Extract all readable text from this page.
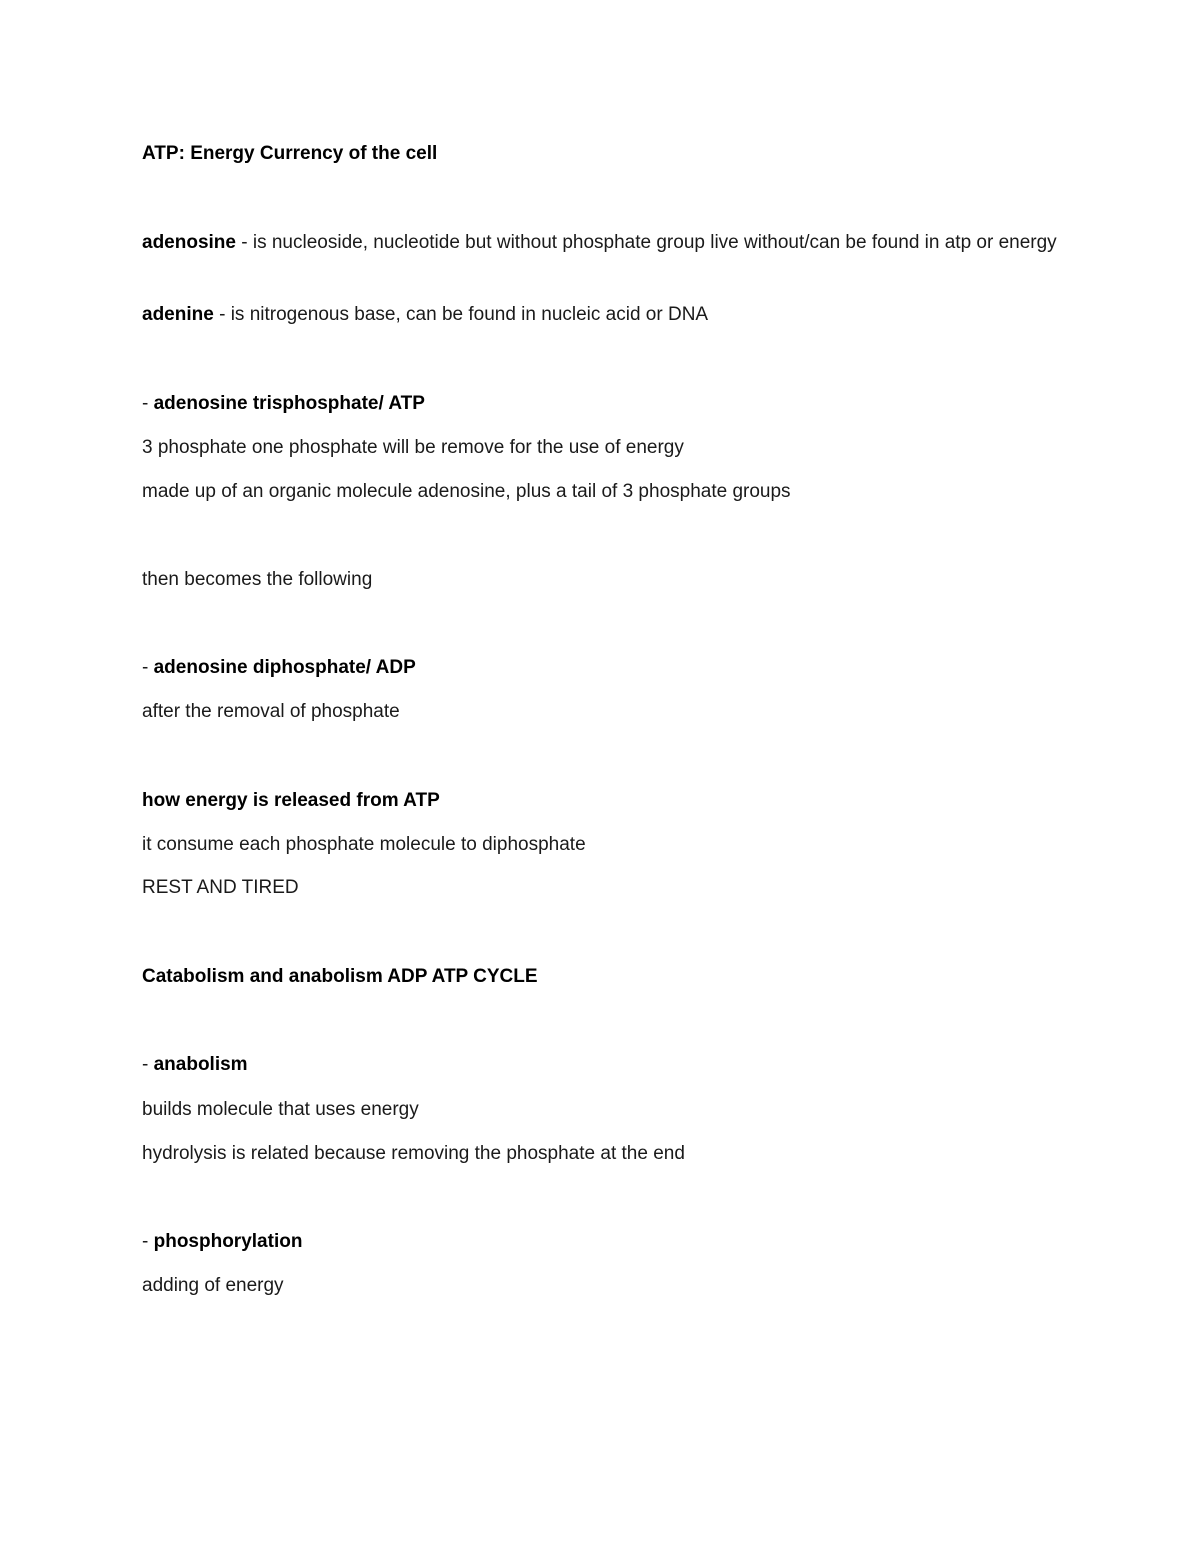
ATP: Energy Currency of the cell
adenosine - is nucleoside, nucleotide but without phosphate group live without/can be found in atp or energy
adenine - is nitrogenous base, can be found in nucleic acid or DNA
- adenosine trisphosphate/ ATP
3 phosphate one phosphate will be remove for the use of energy
made up of an organic molecule adenosine, plus a tail of 3 phosphate groups
then becomes the following
- adenosine diphosphate/ ADP
after the removal of phosphate
how energy is released from ATP
it consume each phosphate molecule to diphosphate
REST AND TIRED
Catabolism and anabolism ADP ATP CYCLE
- anabolism
builds molecule that uses energy
hydrolysis is related because removing the phosphate at the end
- phosphorylation
adding of energy
